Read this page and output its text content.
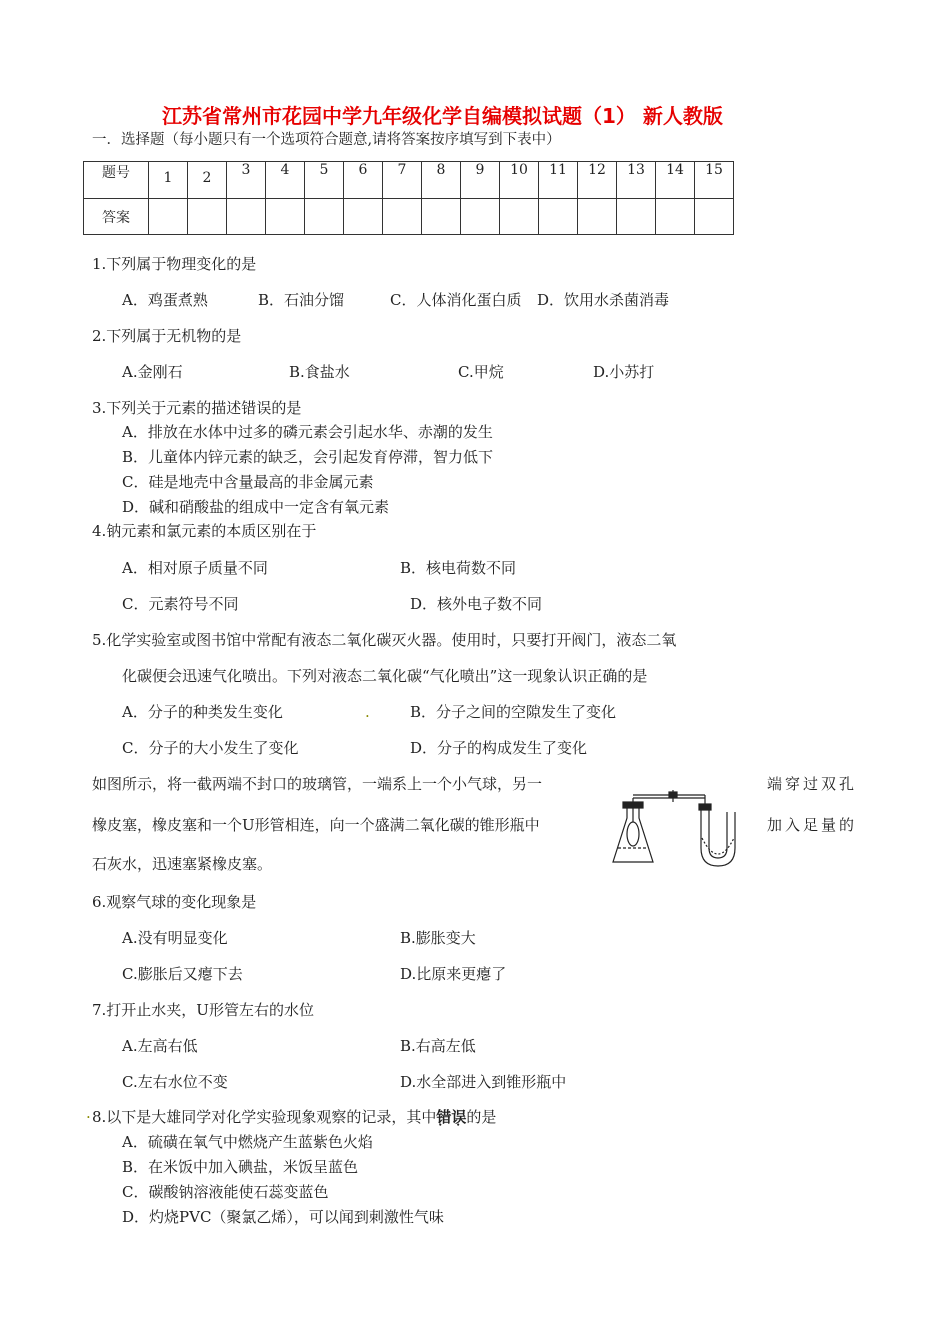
江苏省常州市花园中学九年级化学自编模拟试题（1） 新人教版
一．选择题（每小题只有一个选项符合题意,请将答案按序填写到下表中）
题号	1	2	3	4	5	6	7	8	9	10	11	12	13	14	15
答案															
1.下列属于物理变化的是
A．鸡蛋煮熟	B．石油分馏	C．人体消化蛋白质 D．饮用水杀菌消毒
2.下列属于无机物的是
A.金刚石	B.食盐水	C.甲烷	D.小苏打
3.下列关于元素的描述错误的是
A．排放在水体中过多的磷元素会引起水华、赤潮的发生
B．儿童体内锌元素的缺乏，会引起发育停滞，智力低下
C．硅是地壳中含量最高的非金属元素
D．碱和硝酸盐的组成中一定含有氧元素
4.钠元素和氯元素的本质区别在于
A．相对原子质量不同	B．核电荷数不同
C．元素符号不同	D．核外电子数不同
5.化学实验室或图书馆中常配有液态二氧化碳灭火器。使用时，只要打开阀门，液态二氧
化碳便会迅速气化喷出。下列对液态二氧化碳“气化喷出”这一现象认识正确的是
A．分子的种类发生变化	.	B．分子之间的空隙发生了变化
C．分子的大小发生了变化	D．分子的构成发生了变化
如图所示，将一截两端不封口的玻璃管，一端系上一个小气球，另一	端穿过双孔
橡皮塞，橡皮塞和一个U形管相连，向一个盛满二氧化碳的锥形瓶中	加入足量的
石灰水，迅速塞紧橡皮塞。
6.观察气球的变化现象是
A.没有明显变化	B.膨胀变大
C.膨胀后又瘪下去	D.比原来更瘪了
7.打开止水夹，U形管左右的水位
A.左高右低	B.右高左低
C.左右水位不变	D.水全部进入到锥形瓶中
. 8.以下是大雄同学对化学实验现象观察的记录，其中错误 • •的是
A．硫磺在氧气中燃烧产生蓝紫色火焰
B．在米饭中加入碘盐，米饭呈蓝色
C．碳酸钠溶液能使石蕊变蓝色
D．灼烧PVC（聚氯乙烯），可以闻到刺激性气味
